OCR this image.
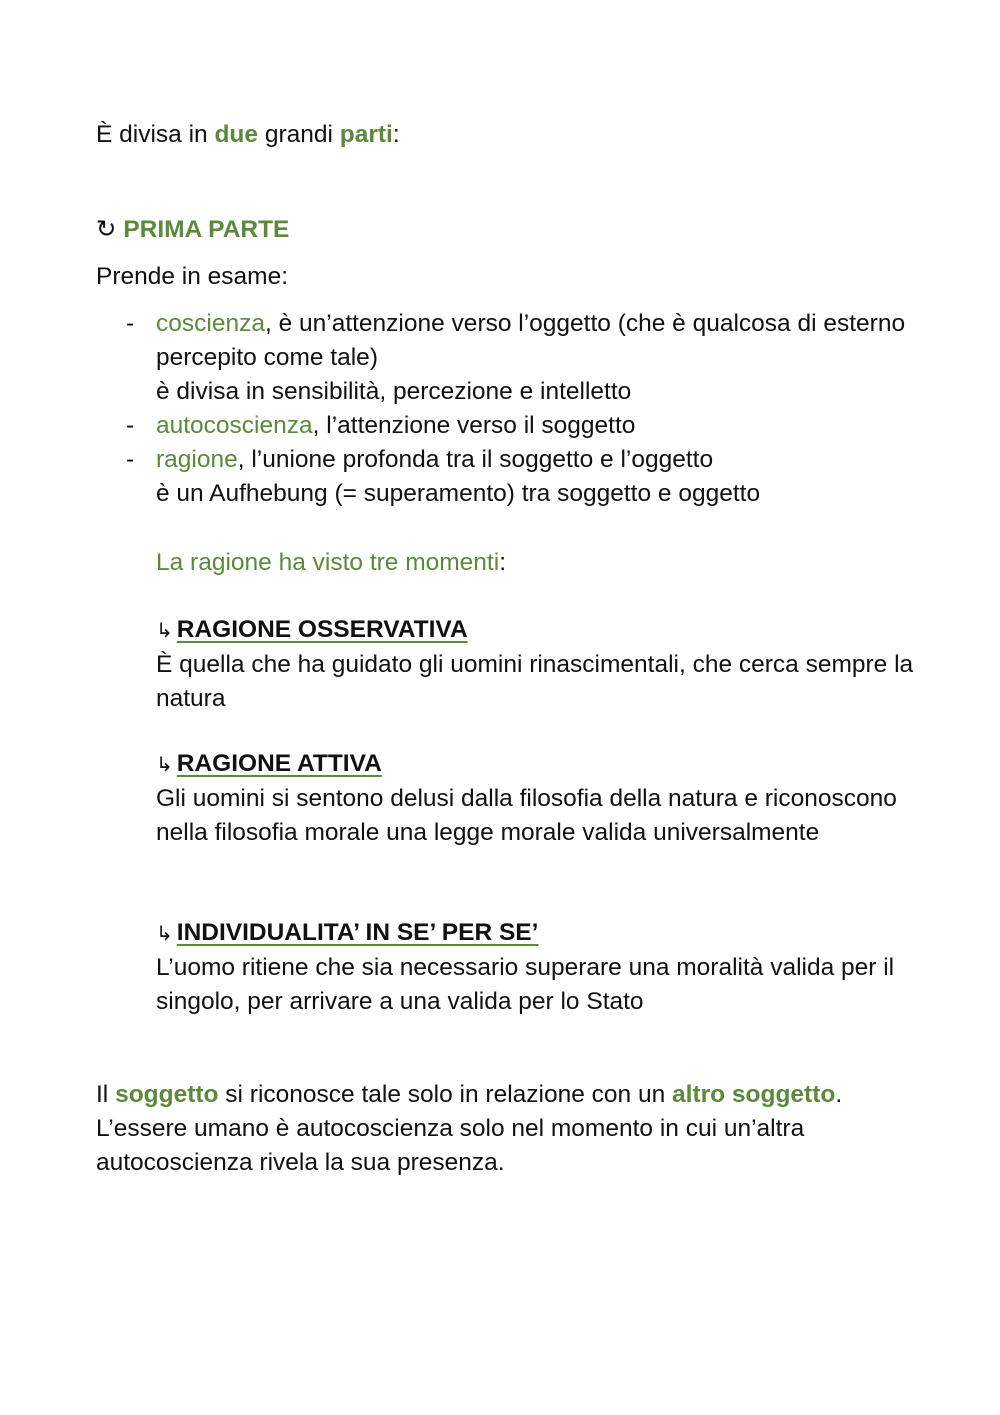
È divisa in due grandi parti:

↻ PRIMA PARTE

Prende in esame:

- coscienza, è un’attenzione verso l’oggetto (che è qualcosa di esterno percepito come tale)
è divisa in sensibilità, percezione e intelletto
- autocoscienza, l’attenzione verso il soggetto
- ragione, l’unione profonda tra il soggetto e l’oggetto
è un Aufhebung (= superamento) tra soggetto e oggetto

La ragione ha visto tre momenti:

↳ RAGIONE OSSERVATIVA
È quella che ha guidato gli uomini rinascimentali, che cerca sempre la natura
↳ RAGIONE ATTIVA
Gli uomini si sentono delusi dalla filosofia della natura e riconoscono nella filosofia morale una legge morale valida universalmente
↳ INDIVIDUALITA’ IN SE’ PER SE’
L’uomo ritiene che sia necessario superare una moralità valida per il singolo, per arrivare a una valida per lo Stato
Il soggetto si riconosce tale solo in relazione con un altro soggetto.
L’essere umano è autocoscienza solo nel momento in cui un’altra autocoscienza rivela la sua presenza.
